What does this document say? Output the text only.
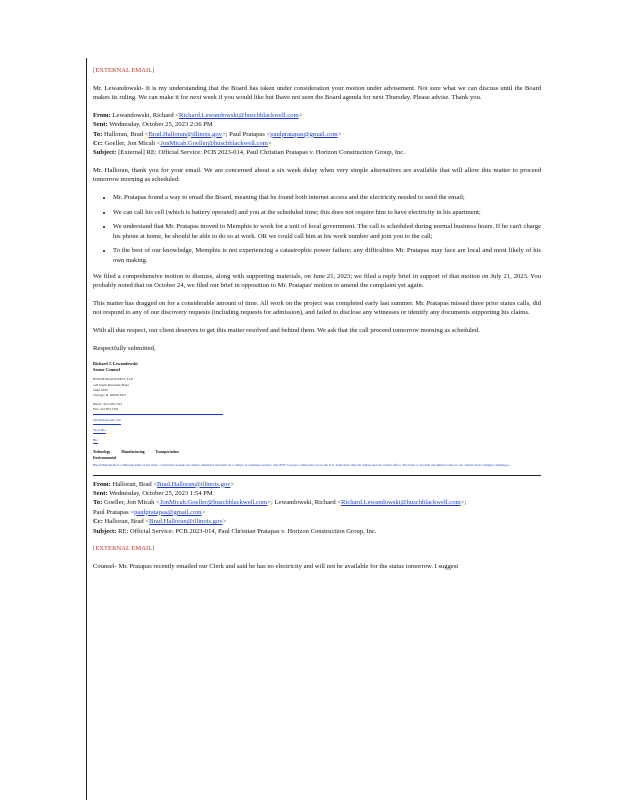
[EXTERNAL EMAIL]

Mr. Lewandowski- It is my understanding that the Board has taken under consideration your motion under advisement. Not sure what we can discuss until the Board makes its ruling. We can make it for next week if you would like but Ihave not seen the Board agenda for next Thursday. Please advise. Thank you.

From: Lewandowski, Richard <Richard.Lewandowski@huschblackwell.com>
Sent: Wednesday, October 25, 2023 2:36 PM
To: Halloran, Brad <Brad.Halloran@illinois.gov>; Paul Pratapas <paulpratapas@gmail.com>
Cc: Goeller, Jon Micah <JonMicah.Goeller@huschblackwell.com>
Subject: [External] RE: Official Service: PCB 2023-014, Paul Christian Pratapas v. Horizon Construction Group, Inc.

Mr. Halloran, thank you for your email. We are concerned about a six week delay when very simple alternatives are available that will allow this matter to proceed tomorrow morning as scheduled:

• Mr. Pratapas found a way to email the Board, meaning that he found both internet access and the electricity needed to send the email;
• We can call his cell (which is battery operated) and you at the scheduled time; this does not require him to have electricity in his apartment;
• We understand that Mr. Pratapas moved to Memphis to work for a unit of local government. The call is scheduled during normal business hours. If he can't charge his phone at home, he should be able to do so at work. OR we could call him at his work number and join you to the call;
• To the best of our knowledge, Memphis is not experiencing a catastrophic power failure; any difficulties Mr. Pratapas may face are local and most likely of his own making.

We filed a comprehensive motion to dismiss, along with supporting materials, on June 21, 2023; we filed a reply brief in support of that motion on July 21, 2023. You probably noted that on October 24, we filed our brief in opposition to Mr. Pratapas' motion to amend the complaint yet again.

This matter has dragged on for a considerable amount of time. All work on the project was completed early last summer. Mr. Pratapas missed three prior status calls, did not respond to any of our discovery requests (including requests for admission), and failed to disclose any witnesses or identify any documents supporting his claims.

With all due respect, our client deserves to get this matter resolved and behind them. We ask that the call proceed tomorrow morning as scheduled.

Respectfully submitted,

Richard J. Lewandowski
Senior Counsel
HUSCH BLACKWELL LLP
120 South Riverside Plaza
Suite 2200
Chicago, IL 60606-3912
Direct: 312.526.1523
Fax: 312.655.1501
huschblackwell.com
View Bio
Bio
Technology	Manufacturing	Transportation
Environmental
Husch Blackwell is a different kind of law firm—structured around our clients' industries and built on a culture of relentless service. Our 850+ lawyers collaborate across the U.S. from more than 20 offices and our virtual office, The Link, to provide uncommon value to our clients' most complex challenges.
From: Halloran, Brad <Brad.Halloran@illinois.gov>
Sent: Wednesday, October 25, 2023 1:54 PM
To: Goeller, Jon Micah <JonMicah.Goeller@huschblackwell.com>; Lewandowski, Richard <Richard.Lewandowski@huschblackwell.com>;
Paul Pratapas <paulpratapas@gmail.com>
Cc: Halloran, Brad <Brad.Halloran@illinois.gov>
Subject: RE: Official Service: PCB 2023-014, Paul Christian Pratapas v. Horizon Construction Group, Inc.
[EXTERNAL EMAIL]

Counsel- Mr. Pratapas recently emailed our Clerk and said he has no electricity and will not be available for the status tomorrow. I suggest
